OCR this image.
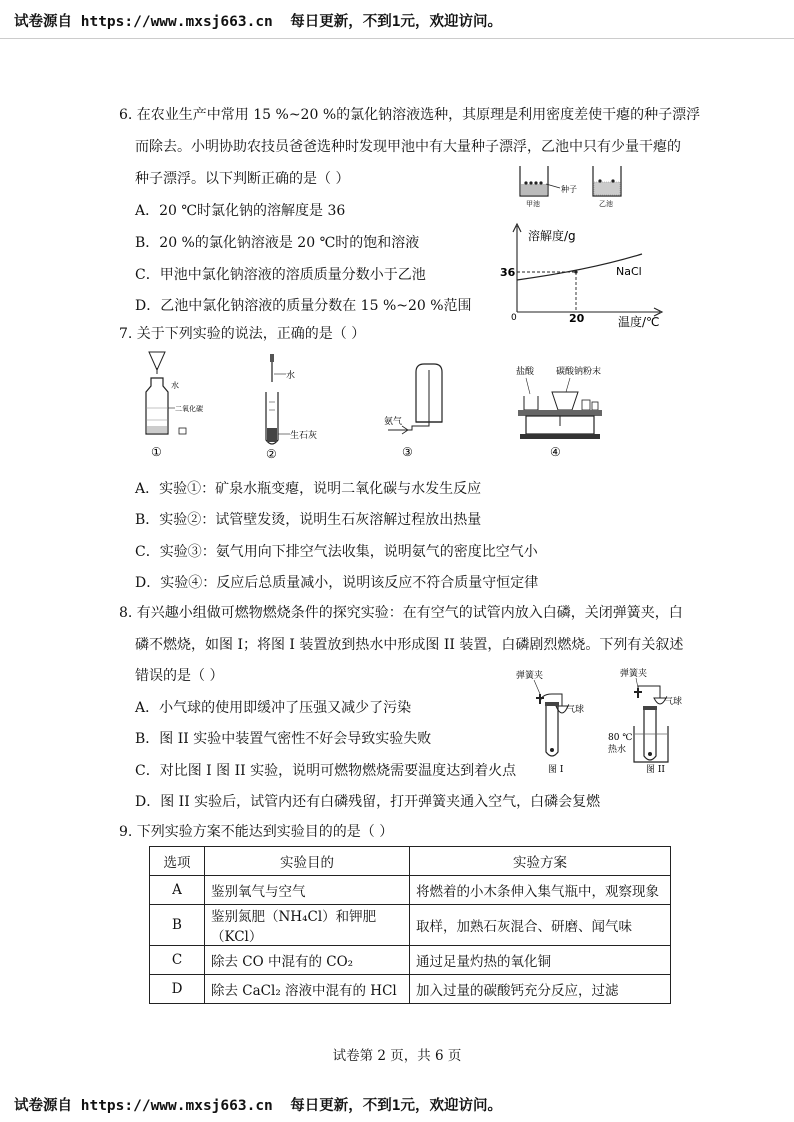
试卷源自 https://www.mxsj663.cn  每日更新，不到1元，欢迎访问。
6. 在农业生产中常用 15 %~20 %的氯化钠溶液选种，其原理是利用密度差使干瘪的种子漂浮
而除去。小明协助农技员爸爸选种时发现甲池中有大量种子漂浮，乙池中只有少量干瘪的
种子漂浮。以下判断正确的是（ ）
A．20 ℃时氯化钠的溶解度是 36
B．20 %的氯化钠溶液是 20 ℃时的饱和溶液
C．甲池中氯化钠溶液的溶质质量分数小于乙池
D．乙池中氯化钠溶液的质量分数在 15 %~20 %范围
种子
甲池	乙池
溶解度/g
36	NaCl
0	20	温度/℃
7. 关于下列实验的说法，正确的是（ ）
水
二氧化碳
①
水
生石灰
②
氨气
③
盐酸 碳酸钠粉末
④
A．实验①：矿泉水瓶变瘪，说明二氧化碳与水发生反应
B．实验②：试管壁发烫，说明生石灰溶解过程放出热量
C．实验③：氨气用向下排空气法收集，说明氨气的密度比空气小
D．实验④：反应后总质量减小，说明该反应不符合质量守恒定律
8. 有兴趣小组做可燃物燃烧条件的探究实验：在有空气的试管内放入白磷，关闭弹簧夹，白
磷不燃烧，如图 I；将图 I 装置放到热水中形成图 II 装置，白磷剧烈燃烧。下列有关叙述
错误的是（ ）
A．小气球的使用即缓冲了压强又减少了污染
B．图 II 实验中装置气密性不好会导致实验失败
C．对比图 I 图 II 实验，说明可燃物燃烧需要温度达到着火点
D．图 II 实验后，试管内还有白磷残留，打开弹簧夹通入空气，白磷会复燃
弹簧夹
气球
图 I
弹簧夹
气球
80 ℃
热水
图 II
9. 下列实验方案不能达到实验目的的是（ ）
选项	实验目的	实验方案
A	鉴别氧气与空气	将燃着的小木条伸入集气瓶中，观察现象
B	鉴别氮肥（NH₄Cl）和钾肥（KCl）	取样，加熟石灰混合、研磨、闻气味
C	除去 CO 中混有的 CO₂	通过足量灼热的氧化铜
D	除去 CaCl₂ 溶液中混有的 HCl	加入过量的碳酸钙充分反应，过滤
试卷第 2 页，共 6 页
试卷源自 https://www.mxsj663.cn  每日更新，不到1元，欢迎访问。
